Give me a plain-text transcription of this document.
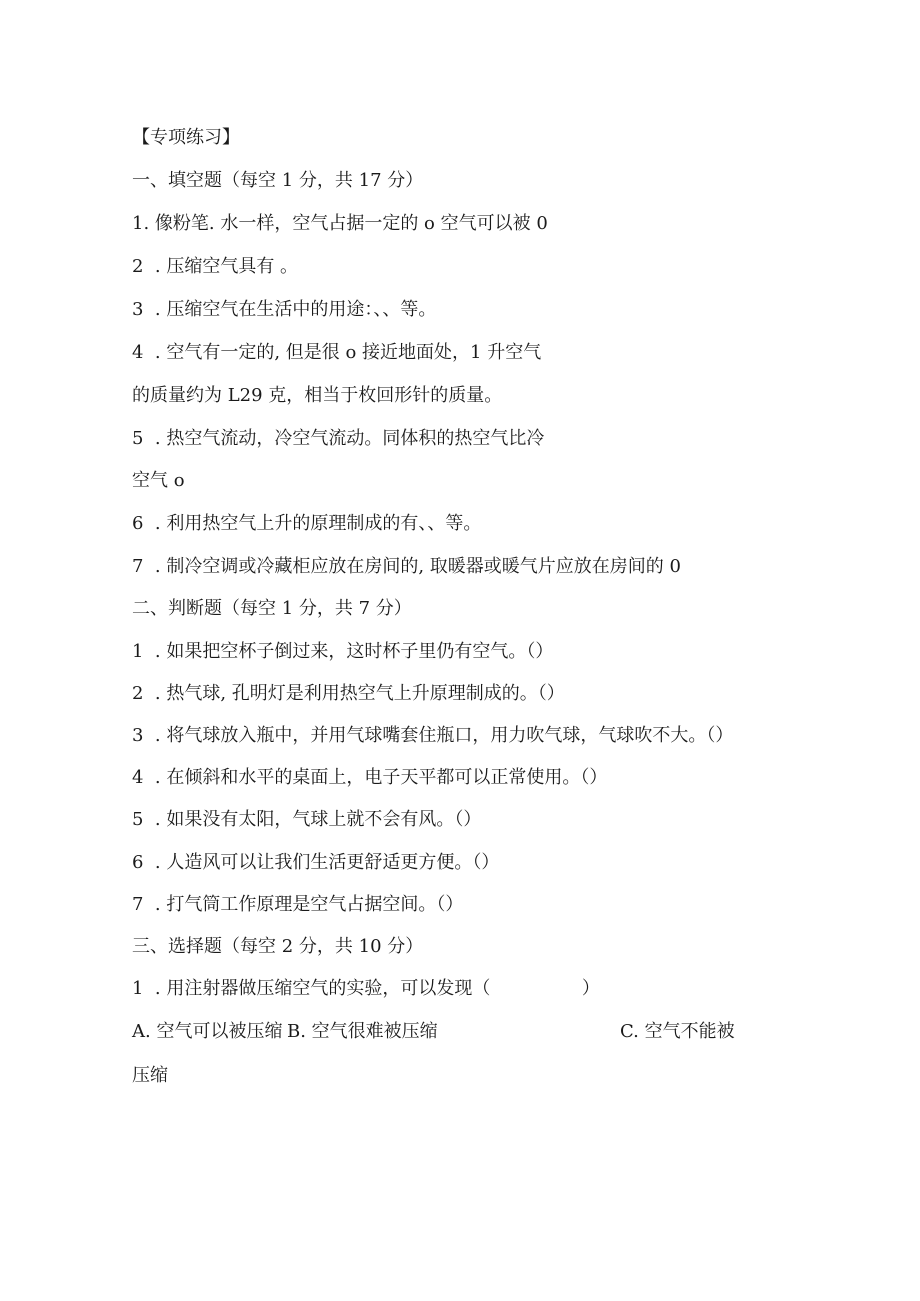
【专项练习】
一、填空题（每空 1 分，共 17 分）
1. 像粉笔. 水一样，空气占据一定的 o 空气可以被 0
2  . 压缩空气具有 。
3  . 压缩空气在生活中的用途：、、等。
4  . 空气有一定的, 但是很 o 接近地面处，1 升空气
的质量约为 L29 克，相当于枚回形针的质量。
5  . 热空气流动，冷空气流动。同体积的热空气比冷
空气 o
6  . 利用热空气上升的原理制成的有、、等。
7  . 制冷空调或冷藏柜应放在房间的, 取暖器或暖气片应放在房间的 0
二、判断题（每空 1 分，共 7 分）
1  . 如果把空杯子倒过来，这时杯子里仍有空气。（）
2  . 热气球, 孔明灯是利用热空气上升原理制成的。（）
3  . 将气球放入瓶中，并用气球嘴套住瓶口，用力吹气球，气球吹不大。（）
4  . 在倾斜和水平的桌面上，电子天平都可以正常使用。（）
5  . 如果没有太阳，气球上就不会有风。（）
6  . 人造风可以让我们生活更舒适更方便。（）
7  . 打气筒工作原理是空气占据空间。（）
三、选择题（每空 2 分，共 10 分）
1  . 用注射器做压缩空气的实验，可以发现（                ）
A. 空气可以被压缩 B. 空气很难被压缩	C. 空气不能被
压缩
